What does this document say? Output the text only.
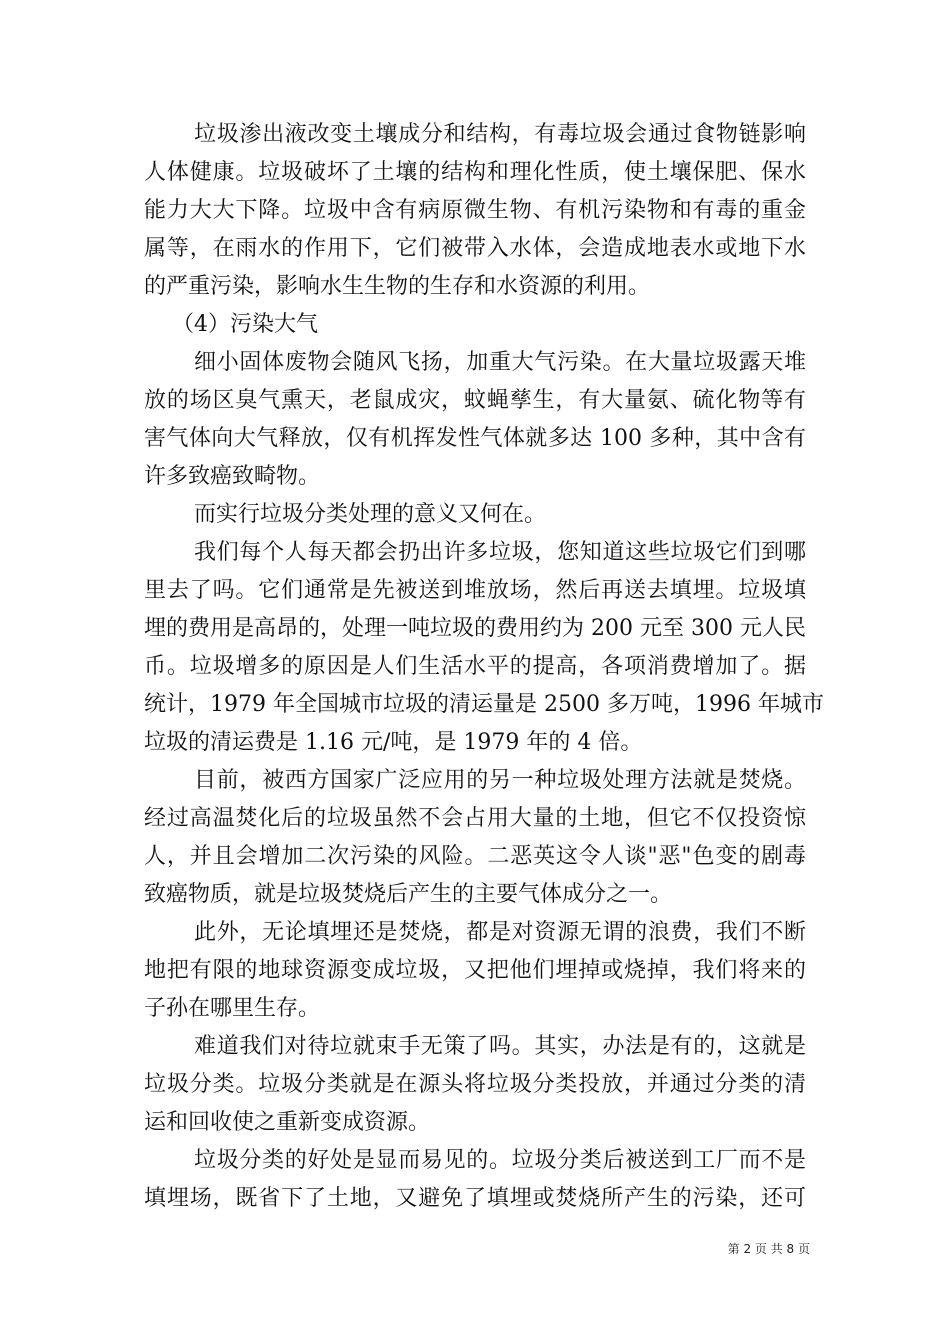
垃圾渗出液改变土壤成分和结构，有毒垃圾会通过食物链影响
人体健康。垃圾破坏了土壤的结构和理化性质，使土壤保肥、保水
能力大大下降。垃圾中含有病原微生物、有机污染物和有毒的重金
属等，在雨水的作用下，它们被带入水体，会造成地表水或地下水
的严重污染，影响水生生物的生存和水资源的利用。
（4）污染大气
细小固体废物会随风飞扬，加重大气污染。在大量垃圾露天堆
放的场区臭气熏天，老鼠成灾，蚊蝇孳生，有大量氨、硫化物等有
害气体向大气释放，仅有机挥发性气体就多达 100 多种，其中含有
许多致癌致畸物。
而实行垃圾分类处理的意义又何在。
我们每个人每天都会扔出许多垃圾，您知道这些垃圾它们到哪
里去了吗。它们通常是先被送到堆放场，然后再送去填埋。垃圾填
埋的费用是高昂的，处理一吨垃圾的费用约为 200 元至 300 元人民
币。垃圾增多的原因是人们生活水平的提高，各项消费增加了。据
统计，1979 年全国城市垃圾的清运量是 2500 多万吨，1996 年城市
垃圾的清运费是 1.16 元/吨，是 1979 年的 4 倍。
目前，被西方国家广泛应用的另一种垃圾处理方法就是焚烧。
经过高温焚化后的垃圾虽然不会占用大量的土地，但它不仅投资惊
人，并且会增加二次污染的风险。二恶英这令人谈"恶"色变的剧毒
致癌物质，就是垃圾焚烧后产生的主要气体成分之一。
此外，无论填埋还是焚烧，都是对资源无谓的浪费，我们不断
地把有限的地球资源变成垃圾，又把他们埋掉或烧掉，我们将来的
子孙在哪里生存。
难道我们对待垃就束手无策了吗。其实，办法是有的，这就是
垃圾分类。垃圾分类就是在源头将垃圾分类投放，并通过分类的清
运和回收使之重新变成资源。
垃圾分类的好处是显而易见的。垃圾分类后被送到工厂而不是
填埋场，既省下了土地，又避免了填埋或焚烧所产生的污染，还可
第 2 页 共 8 页
